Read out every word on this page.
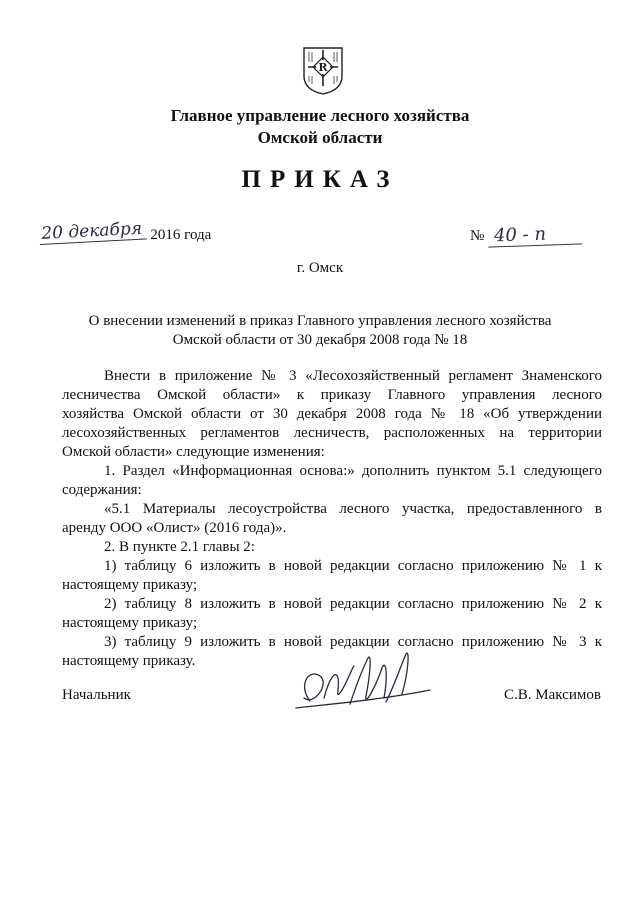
R
Главное управление лесного хозяйства
Омской области
ПРИКАЗ
20 декабря 2016 года	№ 40 - п
г. Омск
О внесении изменений в приказ Главного управления лесного хозяйства
Омской области от 30 декабря 2008 года № 18
Внести в приложение № 3 «Лесохозяйственный регламент Знаменского
лесничества Омской области» к приказу Главного управления лесного
хозяйства Омской области от 30 декабря 2008 года № 18 «Об утверждении
лесохозяйственных регламентов лесничеств, расположенных на территории
Омской области» следующие изменения:
1. Раздел «Информационная основа:» дополнить пунктом 5.1 следующего
содержания:
«5.1 Материалы лесоустройства лесного участка, предоставленного в
аренду ООО «Олист» (2016 года)».
2. В пункте 2.1 главы 2:
1) таблицу 6 изложить в новой редакции согласно приложению № 1 к
настоящему приказу;
2) таблицу 8 изложить в новой редакции согласно приложению № 2 к
настоящему приказу;
3) таблицу 9 изложить в новой редакции согласно приложению № 3 к
настоящему приказу.
Начальник	С.В. Максимов
